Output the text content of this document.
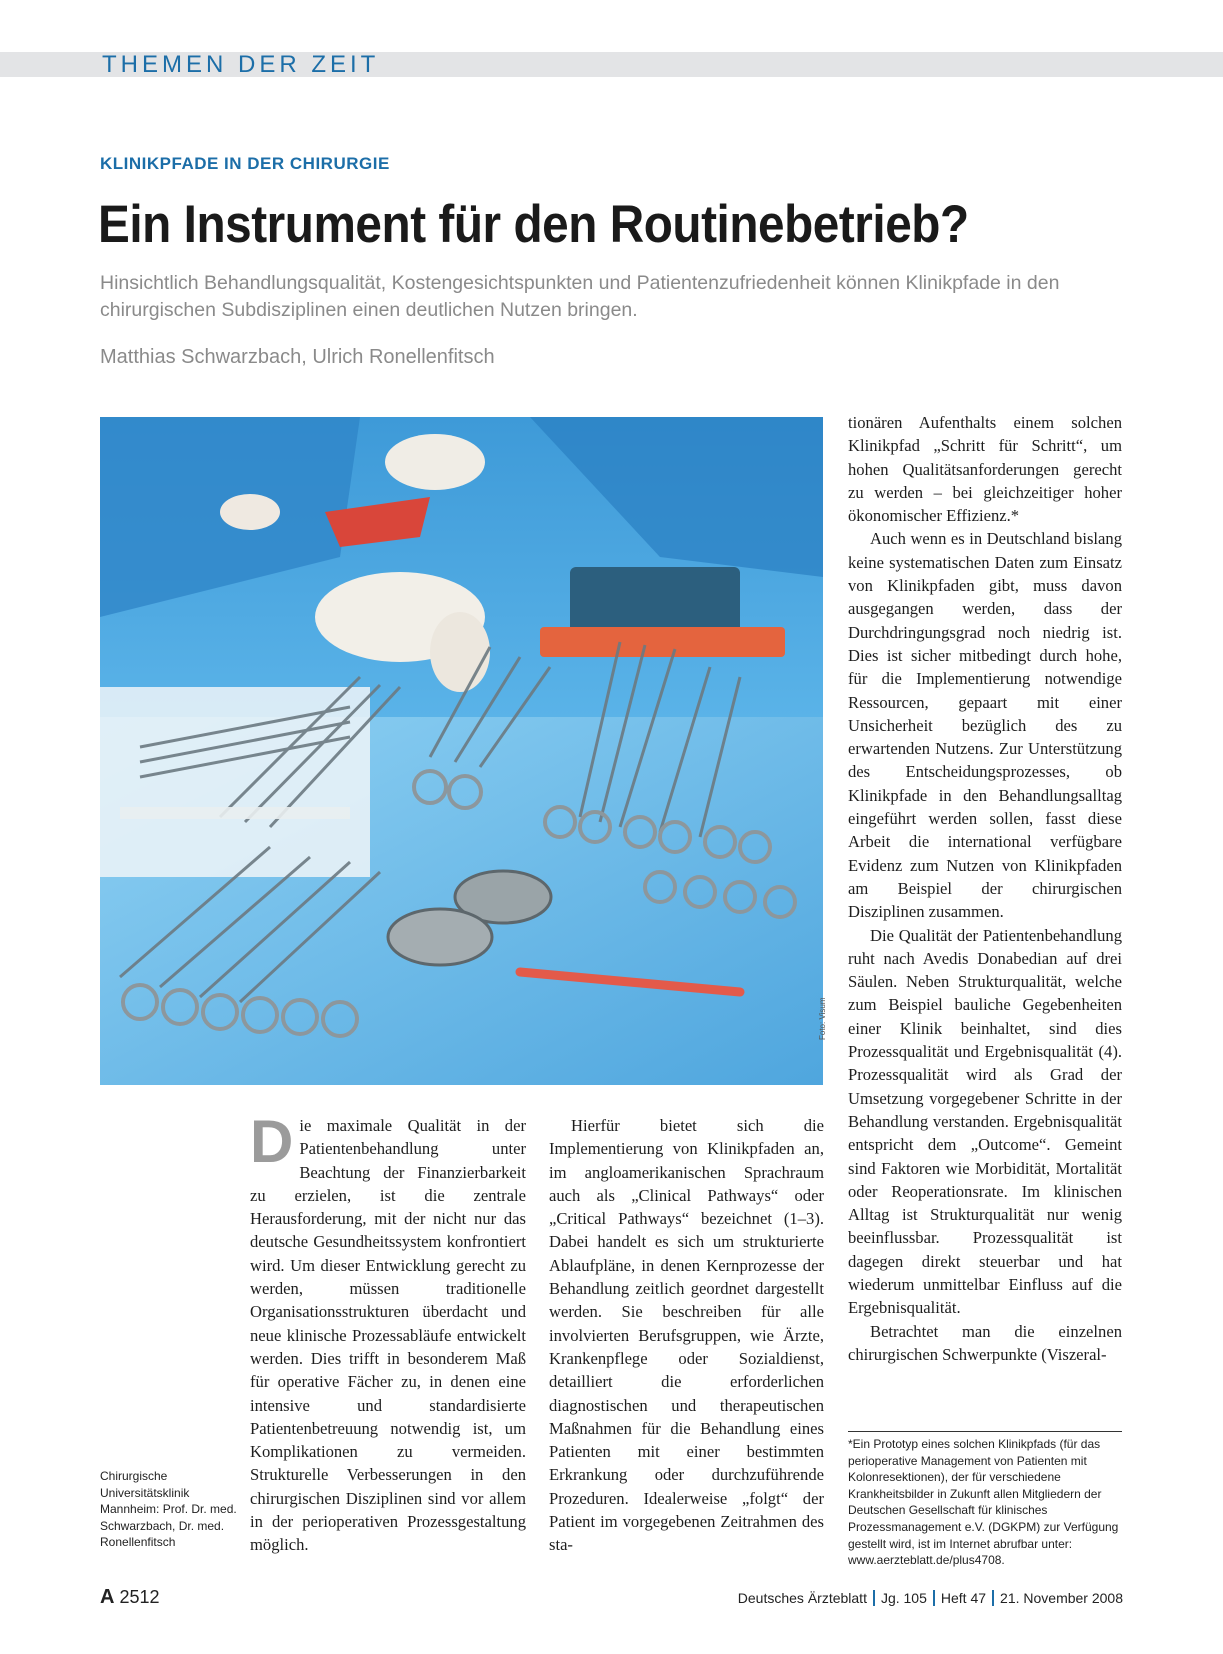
THEMEN DER ZEIT
KLINIKPFADE IN DER CHIRURGIE
Ein Instrument für den Routinebetrieb?
Hinsichtlich Behandlungsqualität, Kostengesichtspunkten und Patientenzufriedenheit können Klinikpfade in den chirurgischen Subdisziplinen einen deutlichen Nutzen bringen.
Matthias Schwarzbach, Ulrich Ronellenfitsch
Foto: Visum

Die maximale Qualität in der Patientenbehandlung unter Beachtung der Finanzierbarkeit zu erzielen, ist die zentrale Herausforderung, mit der nicht nur das deutsche Gesundheitssystem konfrontiert wird. Um dieser Entwicklung gerecht zu werden, müssen traditionelle Organisationsstrukturen überdacht und neue klinische Prozessabläufe entwickelt werden. Dies trifft in besonderem Maß für operative Fächer zu, in denen eine intensive und standardisierte Patientenbetreuung notwendig ist, um Komplikationen zu vermeiden. Strukturelle Verbesserungen in den chirurgischen Disziplinen sind vor allem in der perioperativen Prozessgestaltung möglich.

Hierfür bietet sich die Implementierung von Klinikpfaden an, im angloamerikanischen Sprachraum auch als „Clinical Pathways“ oder „Critical Pathways“ bezeichnet (1–3). Dabei handelt es sich um strukturierte Ablaufpläne, in denen Kernprozesse der Behandlung zeitlich geordnet dargestellt werden. Sie beschreiben für alle involvierten Berufsgruppen, wie Ärzte, Krankenpflege oder Sozialdienst, detailliert die erforderlichen diagnostischen und therapeutischen Maßnahmen für die Behandlung eines Patienten mit einer bestimmten Erkrankung oder durchzuführende Prozeduren. Idealerweise „folgt“ der Patient im vorgegebenen Zeitrahmen des sta-

tionären Aufenthalts einem solchen Klinikpfad „Schritt für Schritt“, um hohen Qualitätsanforderungen gerecht zu werden – bei gleichzeitiger hoher ökonomischer Effizienz.*

Auch wenn es in Deutschland bislang keine systematischen Daten zum Einsatz von Klinikpfaden gibt, muss davon ausgegangen werden, dass der Durchdringungsgrad noch niedrig ist. Dies ist sicher mitbedingt durch hohe, für die Implementierung notwendige Ressourcen, gepaart mit einer Unsicherheit bezüglich des zu erwartenden Nutzens. Zur Unterstützung des Entscheidungsprozesses, ob Klinikpfade in den Behandlungsalltag eingeführt werden sollen, fasst diese Arbeit die international verfügbare Evidenz zum Nutzen von Klinikpfaden am Beispiel der chirurgischen Disziplinen zusammen.

Die Qualität der Patientenbehandlung ruht nach Avedis Donabedian auf drei Säulen. Neben Strukturqualität, welche zum Beispiel bauliche Gegebenheiten einer Klinik beinhaltet, sind dies Prozessqualität und Ergebnisqualität (4). Prozessqualität wird als Grad der Umsetzung vorgegebener Schritte in der Behandlung verstanden. Ergebnisqualität entspricht dem „Outcome“. Gemeint sind Faktoren wie Morbidität, Mortalität oder Reoperationsrate. Im klinischen Alltag ist Strukturqualität nur wenig beeinflussbar. Prozessqualität ist dagegen direkt steuerbar und hat wiederum unmittelbar Einfluss auf die Ergebnisqualität.

Betrachtet man die einzelnen chirurgischen Schwerpunkte (Viszeral-

*Ein Prototyp eines solchen Klinikpfads (für das perioperative Management von Patienten mit Kolonresektionen), der für verschiedene Krankheitsbilder in Zukunft allen Mitgliedern der Deutschen Gesellschaft für klinisches Prozessmanagement e.V. (DGKPM) zur Verfügung gestellt wird, ist im Internet abrufbar unter: www.aerzteblatt.de/plus4708.
Chirurgische Universitätsklinik Mannheim: Prof. Dr. med. Schwarzbach, Dr. med. Ronellenfitsch
A 2512	Deutsches Ärzteblatt Jg. 105 Heft 47 21. November 2008
